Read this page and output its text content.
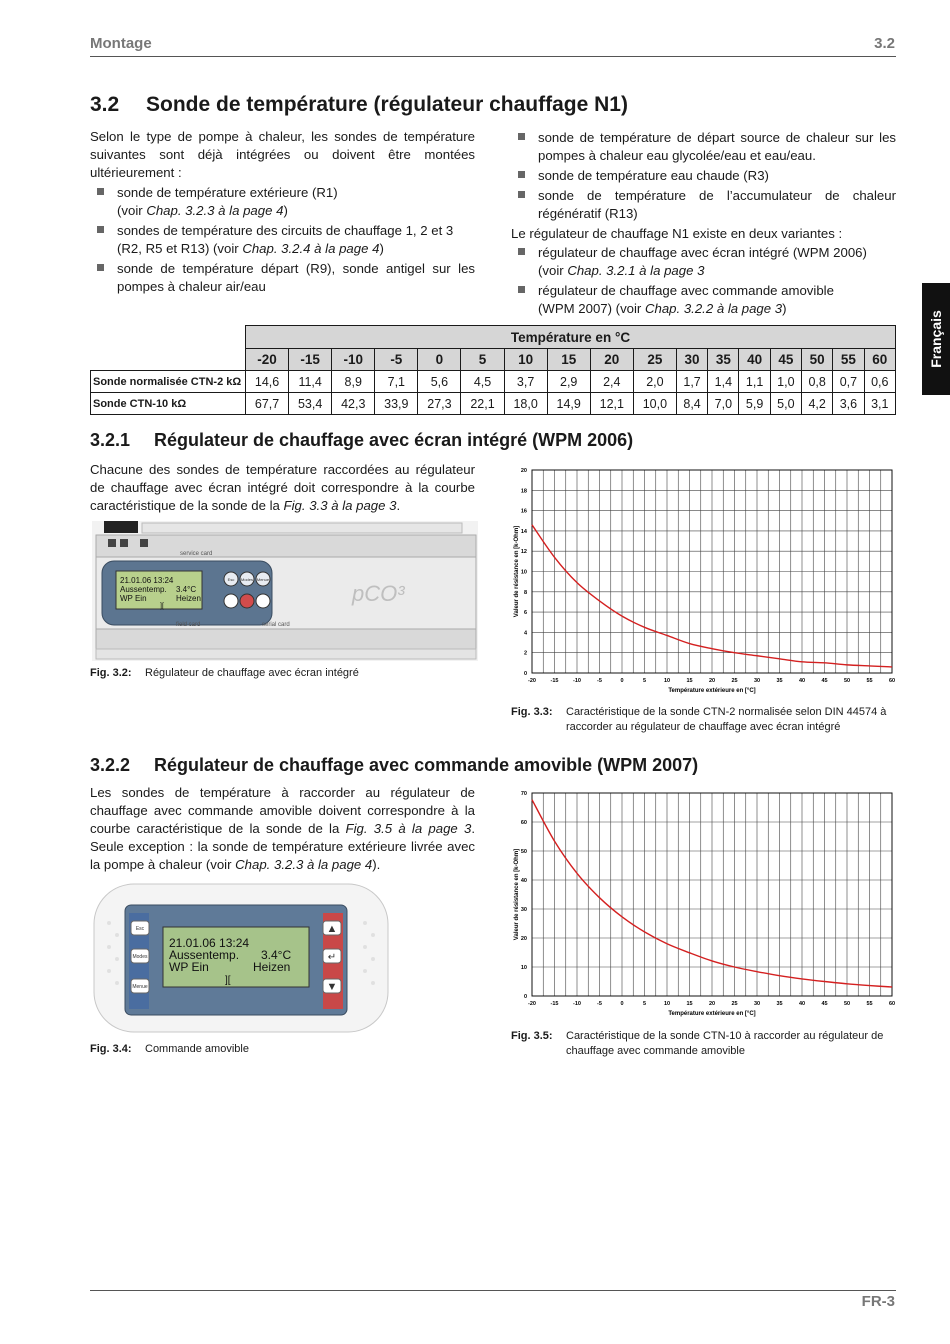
Montage	3.2
3.2 Sonde de température (régulateur chauffage N1)
Selon le type de pompe à chaleur, les sondes de température suivantes sont déjà intégrées ou doivent être montées ultérieurement :
sonde de température extérieure (R1)
(voir Chap. 3.2.3 à la page 4)
sondes de température des circuits de chauffage 1, 2 et 3
(R2, R5 et R13) (voir Chap. 3.2.4 à la page 4)
sonde de température départ (R9), sonde antigel sur les pompes à chaleur air/eau
sonde de température de départ source de chaleur sur les pompes à chaleur eau glycolée/eau et eau/eau.
sonde de température eau chaude (R3)
sonde de température de l’accumulateur de chaleur régénératif (R13)
Le régulateur de chauffage N1 existe en deux variantes :
régulateur de chauffage avec écran intégré (WPM 2006)
(voir Chap. 3.2.1 à la page 3
régulateur de chauffage avec commande amovible
(WPM 2007) (voir Chap. 3.2.2 à la page 3)
Français
	Température en °C																
	-20	-15	-10	-5	0	5	10	15	20	25	30	35	40	45	50	55	60
Sonde normalisée CTN-2 kΩ	14,6	11,4	8,9	7,1	5,6	4,5	3,7	2,9	2,4	2,0	1,7	1,4	1,1	1,0	0,8	0,7	0,6
Sonde CTN-10 kΩ	67,7	53,4	42,3	33,9	27,3	22,1	18,0	14,9	12,1	10,0	8,4	7,0	5,9	5,0	4,2	3,6	3,1
3.2.1 Régulateur de chauffage avec écran intégré (WPM 2006)
Chacune des sondes de température raccordées au régulateur de chauffage avec écran intégré doit correspondre à la courbe caractéristique de la sonde de la Fig. 3.3 à la page 3.
21.01.06 13:24
Aussentemp. 3.4°C
WP Ein	Heizen
][
Esc Modes Menue
service card
pCO³
field card	serial card
Fig. 3.2: Régulateur de chauffage avec écran intégré	0
2
4
6
8
10
12
14
16
18
20
-20	-15	-10	-5	0	5	10	15	20	25	30	35	40	45	50	55	60
Température extérieure en [°C]
Valeur de résistance en [k-Ohm]
Fig. 3.3: Caractéristique de la sonde CTN-2 normalisée selon DIN 44574 à
raccorder au régulateur de chauffage avec écran intégré
3.2.2 Régulateur de chauffage avec commande amovible (WPM 2007)
Les sondes de température à raccorder au régulateur de chauffage avec commande amovible doivent correspondre à la courbe caractéristique de la sonde de la Fig. 3.5 à la page 3. Seule exception : la sonde de température extérieure livrée avec la pompe à chaleur (voir Chap. 3.2.3 à la page 4).
Esc
Modes
Menue
▲
↵
▼
21.01.06 13:24
Aussentemp. 3.4°C
WP Ein	Heizen
][
Fig. 3.4: Commande amovible
0
10
20
30
40
50
60
70
-20	-15	-10	-5	0	5	10	15	20	25	30	35	40	45	50	55	60
Température extérieure en [°C]
Valeur de résistance en [k-Ohm]
Fig. 3.5: Caractéristique de la sonde CTN-10 à raccorder au régulateur de
chauffage avec commande amovible
FR-3
